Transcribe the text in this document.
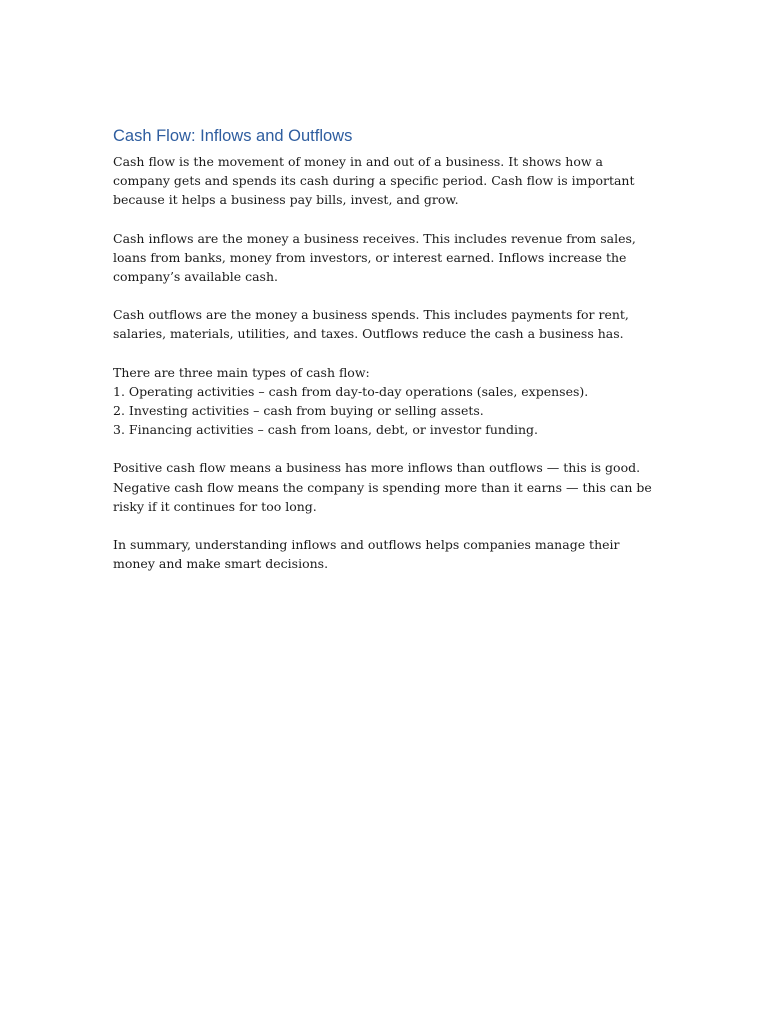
Cash Flow: Inflows and Outflows

Cash flow is the movement of money in and out of a business. It shows how a company gets and spends its cash during a specific period. Cash flow is important because it helps a business pay bills, invest, and grow.

Cash inflows are the money a business receives. This includes revenue from sales, loans from banks, money from investors, or interest earned. Inflows increase the company’s available cash.

Cash outflows are the money a business spends. This includes payments for rent, salaries, materials, utilities, and taxes. Outflows reduce the cash a business has.

There are three main types of cash flow:
1. Operating activities – cash from day-to-day operations (sales, expenses).
2. Investing activities – cash from buying or selling assets.
3. Financing activities – cash from loans, debt, or investor funding.
Positive cash flow means a business has more inflows than outflows — this is good.
Negative cash flow means the company is spending more than it earns — this can be risky if it continues for too long.

In summary, understanding inflows and outflows helps companies manage their money and make smart decisions.
